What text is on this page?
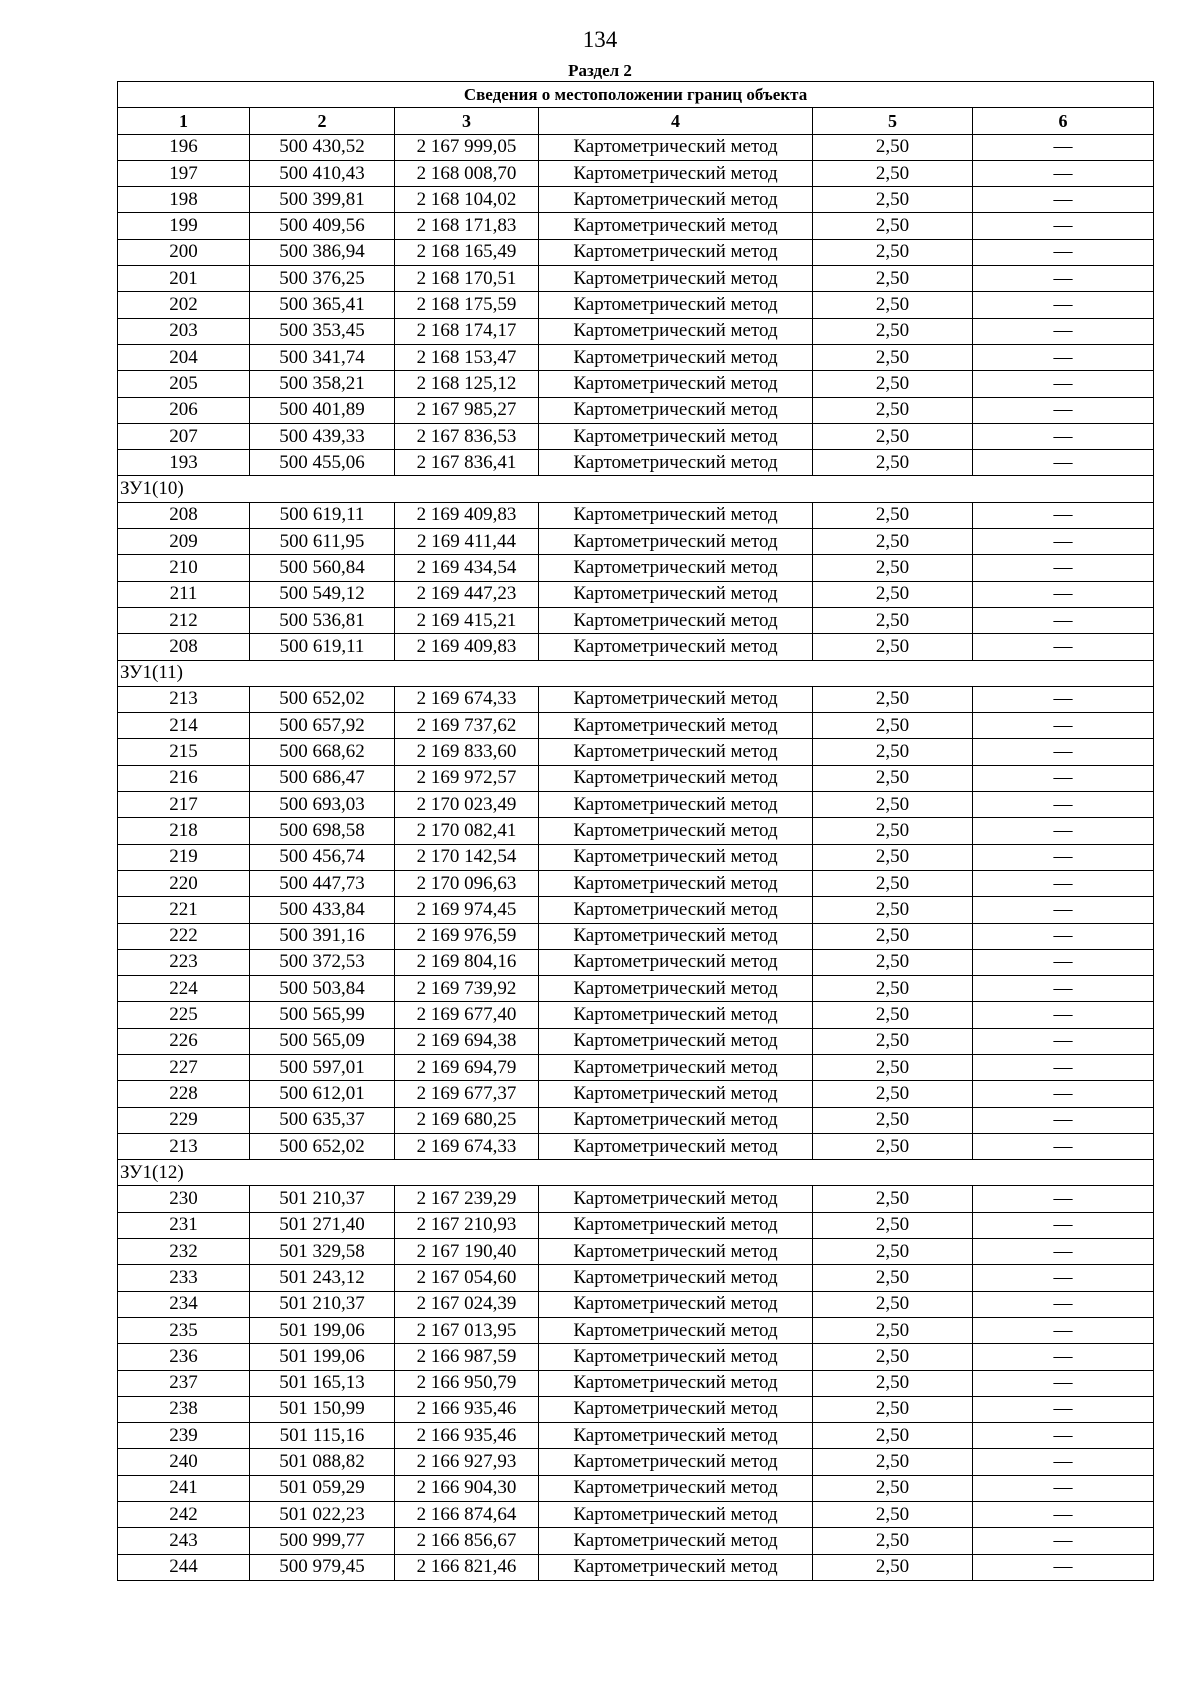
134
Раздел 2
Сведения о местоположении границ объекта					
1	2	3	4	5	6
196	500 430,52	2 167 999,05	Картометрический метод	2,50	—
197	500 410,43	2 168 008,70	Картометрический метод	2,50	—
198	500 399,81	2 168 104,02	Картометрический метод	2,50	—
199	500 409,56	2 168 171,83	Картометрический метод	2,50	—
200	500 386,94	2 168 165,49	Картометрический метод	2,50	—
201	500 376,25	2 168 170,51	Картометрический метод	2,50	—
202	500 365,41	2 168 175,59	Картометрический метод	2,50	—
203	500 353,45	2 168 174,17	Картометрический метод	2,50	—
204	500 341,74	2 168 153,47	Картометрический метод	2,50	—
205	500 358,21	2 168 125,12	Картометрический метод	2,50	—
206	500 401,89	2 167 985,27	Картометрический метод	2,50	—
207	500 439,33	2 167 836,53	Картометрический метод	2,50	—
193	500 455,06	2 167 836,41	Картометрический метод	2,50	—
ЗУ1(10)					
208	500 619,11	2 169 409,83	Картометрический метод	2,50	—
209	500 611,95	2 169 411,44	Картометрический метод	2,50	—
210	500 560,84	2 169 434,54	Картометрический метод	2,50	—
211	500 549,12	2 169 447,23	Картометрический метод	2,50	—
212	500 536,81	2 169 415,21	Картометрический метод	2,50	—
208	500 619,11	2 169 409,83	Картометрический метод	2,50	—
ЗУ1(11)					
213	500 652,02	2 169 674,33	Картометрический метод	2,50	—
214	500 657,92	2 169 737,62	Картометрический метод	2,50	—
215	500 668,62	2 169 833,60	Картометрический метод	2,50	—
216	500 686,47	2 169 972,57	Картометрический метод	2,50	—
217	500 693,03	2 170 023,49	Картометрический метод	2,50	—
218	500 698,58	2 170 082,41	Картометрический метод	2,50	—
219	500 456,74	2 170 142,54	Картометрический метод	2,50	—
220	500 447,73	2 170 096,63	Картометрический метод	2,50	—
221	500 433,84	2 169 974,45	Картометрический метод	2,50	—
222	500 391,16	2 169 976,59	Картометрический метод	2,50	—
223	500 372,53	2 169 804,16	Картометрический метод	2,50	—
224	500 503,84	2 169 739,92	Картометрический метод	2,50	—
225	500 565,99	2 169 677,40	Картометрический метод	2,50	—
226	500 565,09	2 169 694,38	Картометрический метод	2,50	—
227	500 597,01	2 169 694,79	Картометрический метод	2,50	—
228	500 612,01	2 169 677,37	Картометрический метод	2,50	—
229	500 635,37	2 169 680,25	Картометрический метод	2,50	—
213	500 652,02	2 169 674,33	Картометрический метод	2,50	—
ЗУ1(12)					
230	501 210,37	2 167 239,29	Картометрический метод	2,50	—
231	501 271,40	2 167 210,93	Картометрический метод	2,50	—
232	501 329,58	2 167 190,40	Картометрический метод	2,50	—
233	501 243,12	2 167 054,60	Картометрический метод	2,50	—
234	501 210,37	2 167 024,39	Картометрический метод	2,50	—
235	501 199,06	2 167 013,95	Картометрический метод	2,50	—
236	501 199,06	2 166 987,59	Картометрический метод	2,50	—
237	501 165,13	2 166 950,79	Картометрический метод	2,50	—
238	501 150,99	2 166 935,46	Картометрический метод	2,50	—
239	501 115,16	2 166 935,46	Картометрический метод	2,50	—
240	501 088,82	2 166 927,93	Картометрический метод	2,50	—
241	501 059,29	2 166 904,30	Картометрический метод	2,50	—
242	501 022,23	2 166 874,64	Картометрический метод	2,50	—
243	500 999,77	2 166 856,67	Картометрический метод	2,50	—
244	500 979,45	2 166 821,46	Картометрический метод	2,50	—
